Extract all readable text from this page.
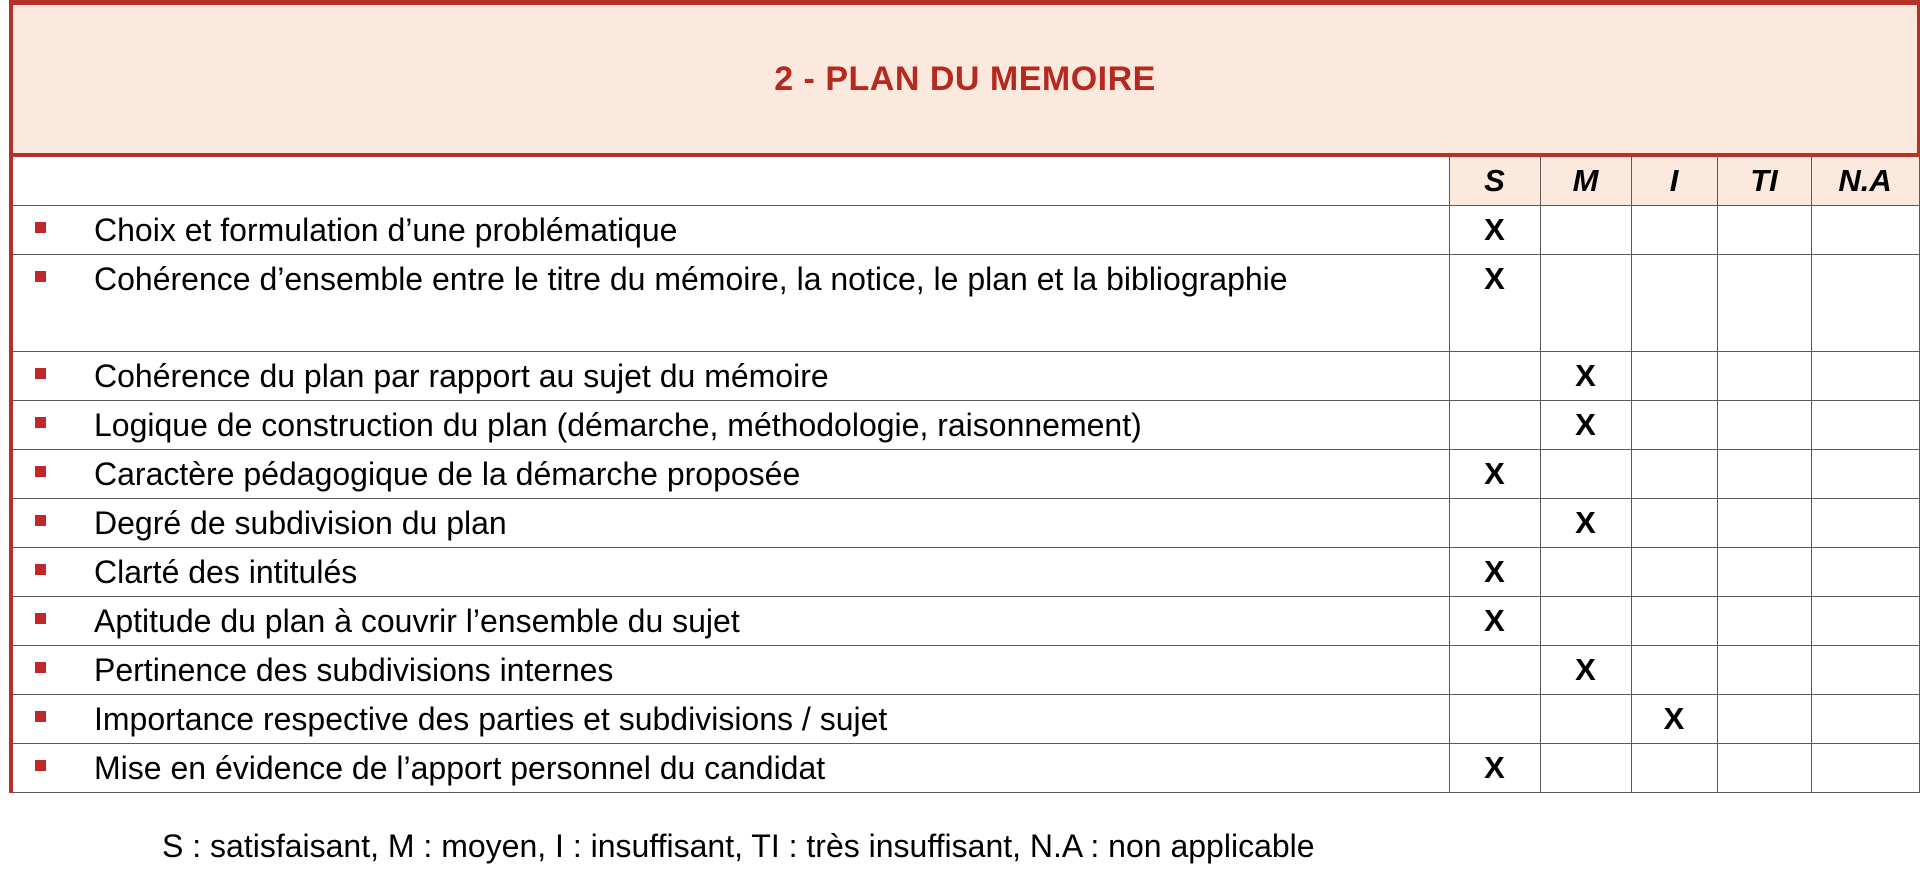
2 - PLAN DU MEMOIRE					
	S	M	I	TI	N.A

Choix et formulation d’une problématique	X				

Cohérence d’ensemble entre le titre du mémoire, la notice, le plan et la bibliographie	X				

Cohérence du plan par rapport au sujet du mémoire		X			

Logique de construction du plan (démarche, méthodologie, raisonnement)		X			

Caractère pédagogique de la démarche proposée	X				

Degré de subdivision du plan		X			

Clarté des intitulés	X				

Aptitude du plan à couvrir l’ensemble du sujet	X				

Pertinence des subdivisions internes		X			

Importance respective des parties et subdivisions / sujet			X		

Mise en évidence de l’apport personnel du candidat	X				
S : satisfaisant, M : moyen, I : insuffisant, TI : très insuffisant, N.A : non applicable
